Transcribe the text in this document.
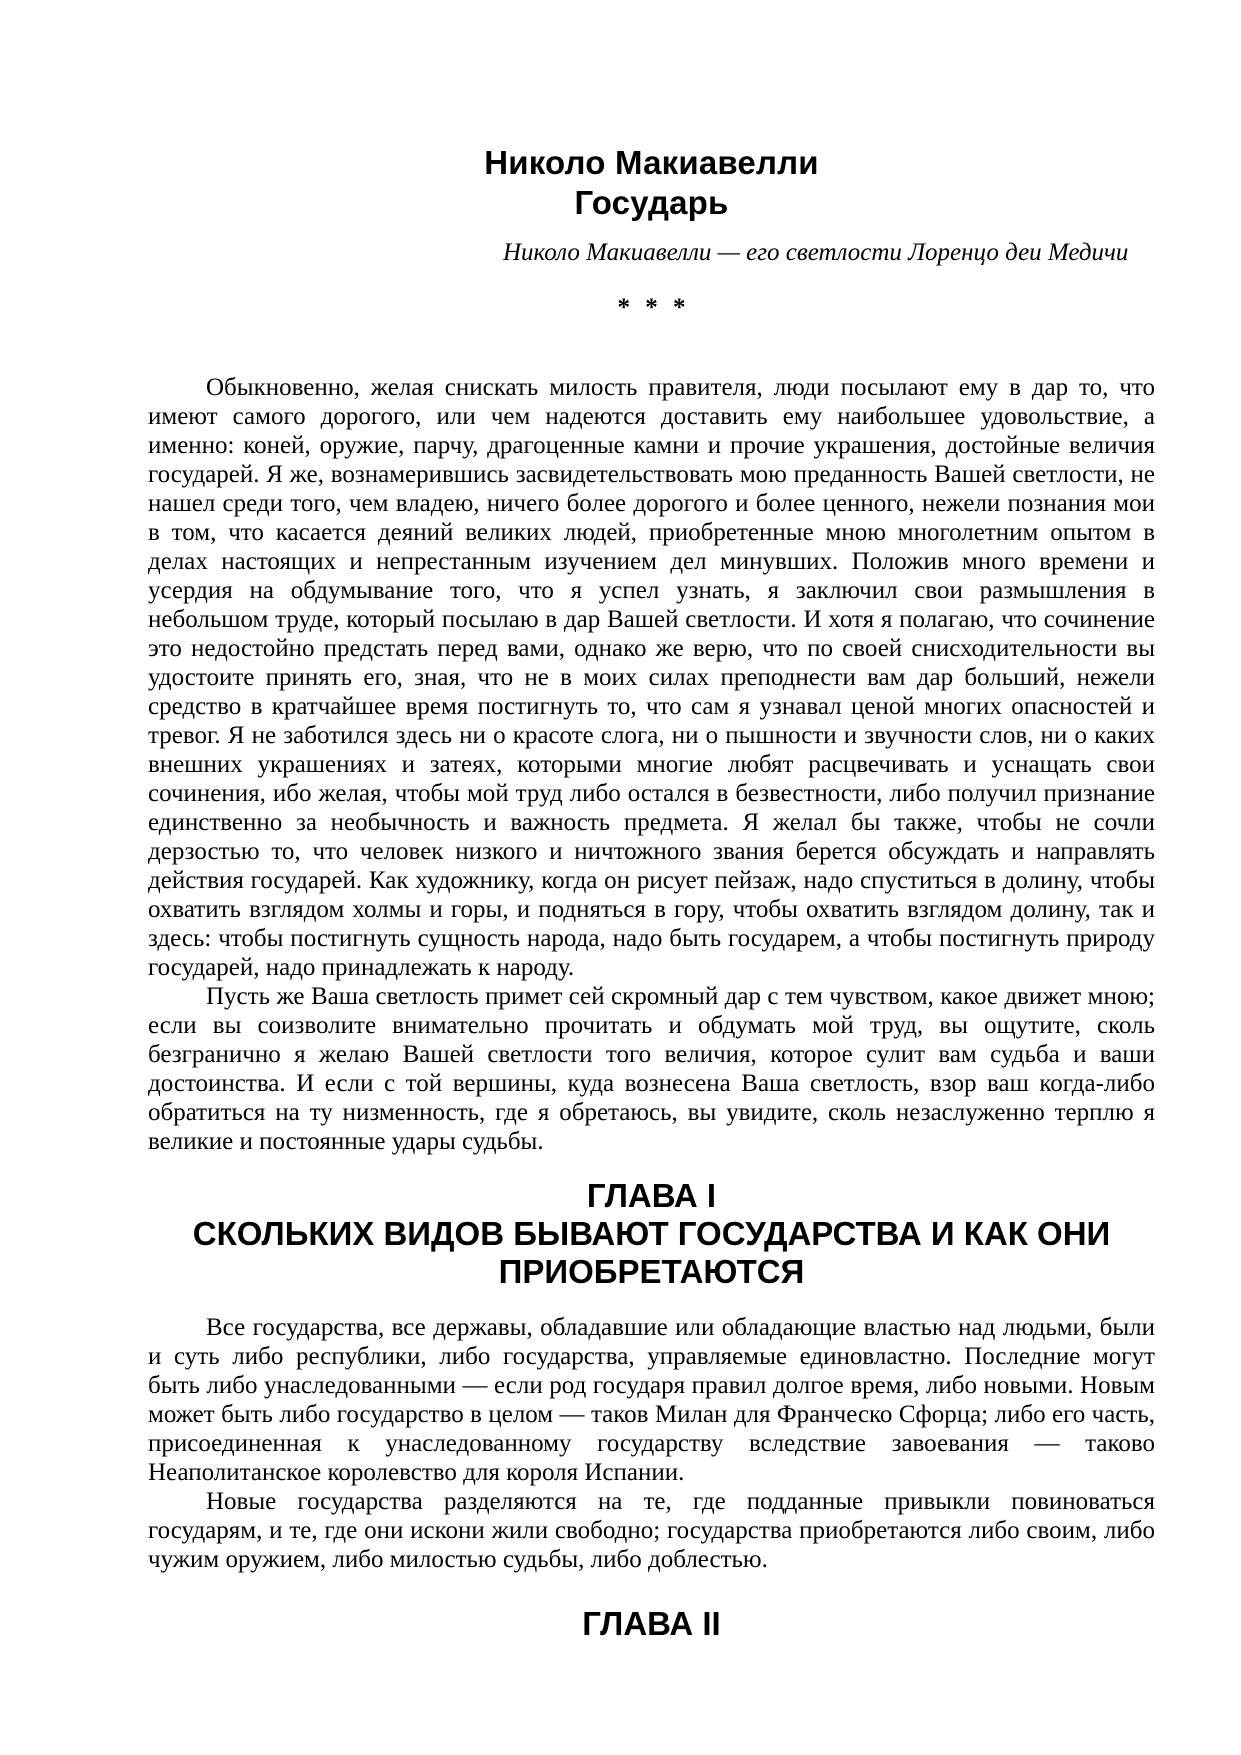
Николо Макиавелли
Государь
Николо Макиавелли — его светлости Лоренцо деи Медичи
* * *

Обыкновенно, желая снискать милость правителя, люди посылают ему в дар то, что имеют самого дорогого, или чем надеются доставить ему наибольшее удовольствие, а именно: коней, оружие, парчу, драгоценные камни и прочие украшения, достойные величия государей. Я же, вознамерившись засвидетельствовать мою преданность Вашей светлости, не нашел среди того, чем владею, ничего более дорогого и более ценного, нежели познания мои в том, что касается деяний великих людей, приобретенные мною многолетним опытом в делах настоящих и непрестанным изучением дел минувших. Положив много времени и усердия на обдумывание того, что я успел узнать, я заключил свои размышления в небольшом труде, который посылаю в дар Вашей светлости. И хотя я полагаю, что сочинение это недостойно предстать перед вами, однако же верю, что по своей снисходительности вы удостоите принять его, зная, что не в моих силах преподнести вам дар больший, нежели средство в кратчайшее время постигнуть то, что сам я узнавал ценой многих опасностей и тревог. Я не заботился здесь ни о красоте слога, ни о пышности и звучности слов, ни о каких внешних украшениях и затеях, которыми многие любят расцвечивать и уснащать свои сочинения, ибо желая, чтобы мой труд либо остался в безвестности, либо получил признание единственно за необычность и важность предмета. Я желал бы также, чтобы не сочли дерзостью то, что человек низкого и ничтожного звания берется обсуждать и направлять действия государей. Как художнику, когда он рисует пейзаж, надо спуститься в долину, чтобы охватить взглядом холмы и горы, и подняться в гору, чтобы охватить взглядом долину, так и здесь: чтобы постигнуть сущность народа, надо быть государем, а чтобы постигнуть природу государей, надо принадлежать к народу.

Пусть же Ваша светлость примет сей скромный дар с тем чувством, какое движет мною; если вы соизволите внимательно прочитать и обдумать мой труд, вы ощутите, сколь безгранично я желаю Вашей светлости того величия, которое сулит вам судьба и ваши достоинства. И если с той вершины, куда вознесена Ваша светлость, взор ваш когда-либо обратиться на ту низменность, где я обретаюсь, вы увидите, сколь незаслуженно терплю я великие и постоянные удары судьбы.

ГЛАВА I
СКОЛЬКИХ ВИДОВ БЫВАЮТ ГОСУДАРСТВА И КАК ОНИ ПРИОБРЕТАЮТСЯ

Все государства, все державы, обладавшие или обладающие властью над людьми, были и суть либо республики, либо государства, управляемые единовластно. Последние могут быть либо унаследованными — если род государя правил долгое время, либо новыми. Новым может быть либо государство в целом — таков Милан для Франческо Сфорца; либо его часть, присоединенная к унаследованному государству вследствие завоевания — таково Неаполитанское королевство для короля Испании.

Новые государства разделяются на те, где подданные привыкли повиноваться государям, и те, где они искони жили свободно; государства приобретаются либо своим, либо чужим оружием, либо милостью судьбы, либо доблестью.

ГЛАВА II
